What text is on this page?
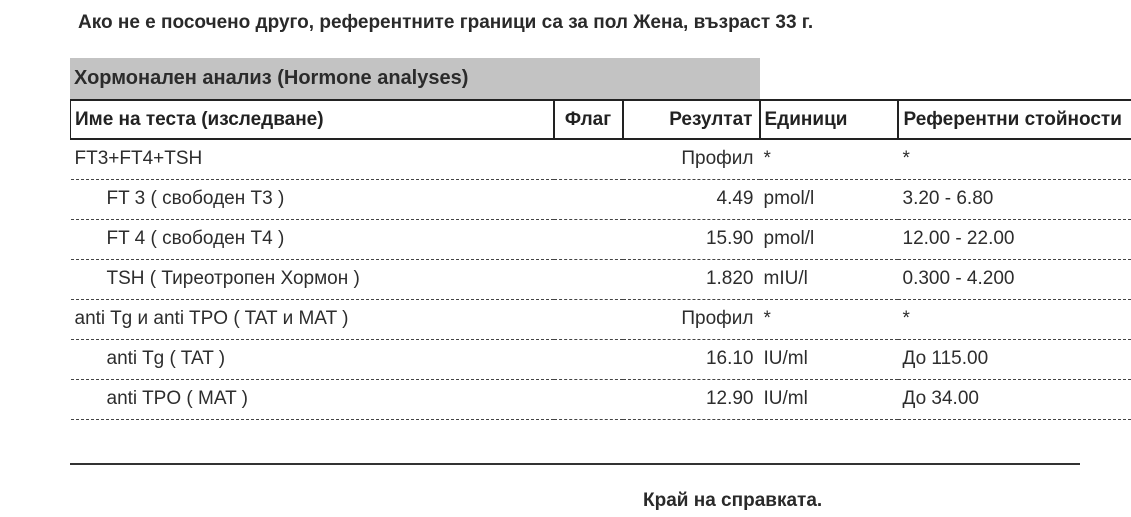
Ако не е посочено друго, референтните граници са за пол Жена, възраст 33 г.
Хормонален анализ (Hormone analyses)
Име на теста (изследване)	Флаг	Резултат	Единици	Референтни стойности
FT3+FT4+TSH		Профил	*	*
FT 3 ( свободен T3 )		4.49	pmol/l	3.20 - 6.80
FT 4 ( свободен T4 )		15.90	pmol/l	12.00 - 22.00
TSH ( Тиреотропен Хормон )		1.820	mIU/l	0.300 - 4.200
anti Tg и anti TPO ( TAT и MAT )		Профил	*	*
anti Tg ( TAT )		16.10	IU/ml	До 115.00
anti TPO ( MAT )		12.90	IU/ml	До 34.00
Край на справката.
